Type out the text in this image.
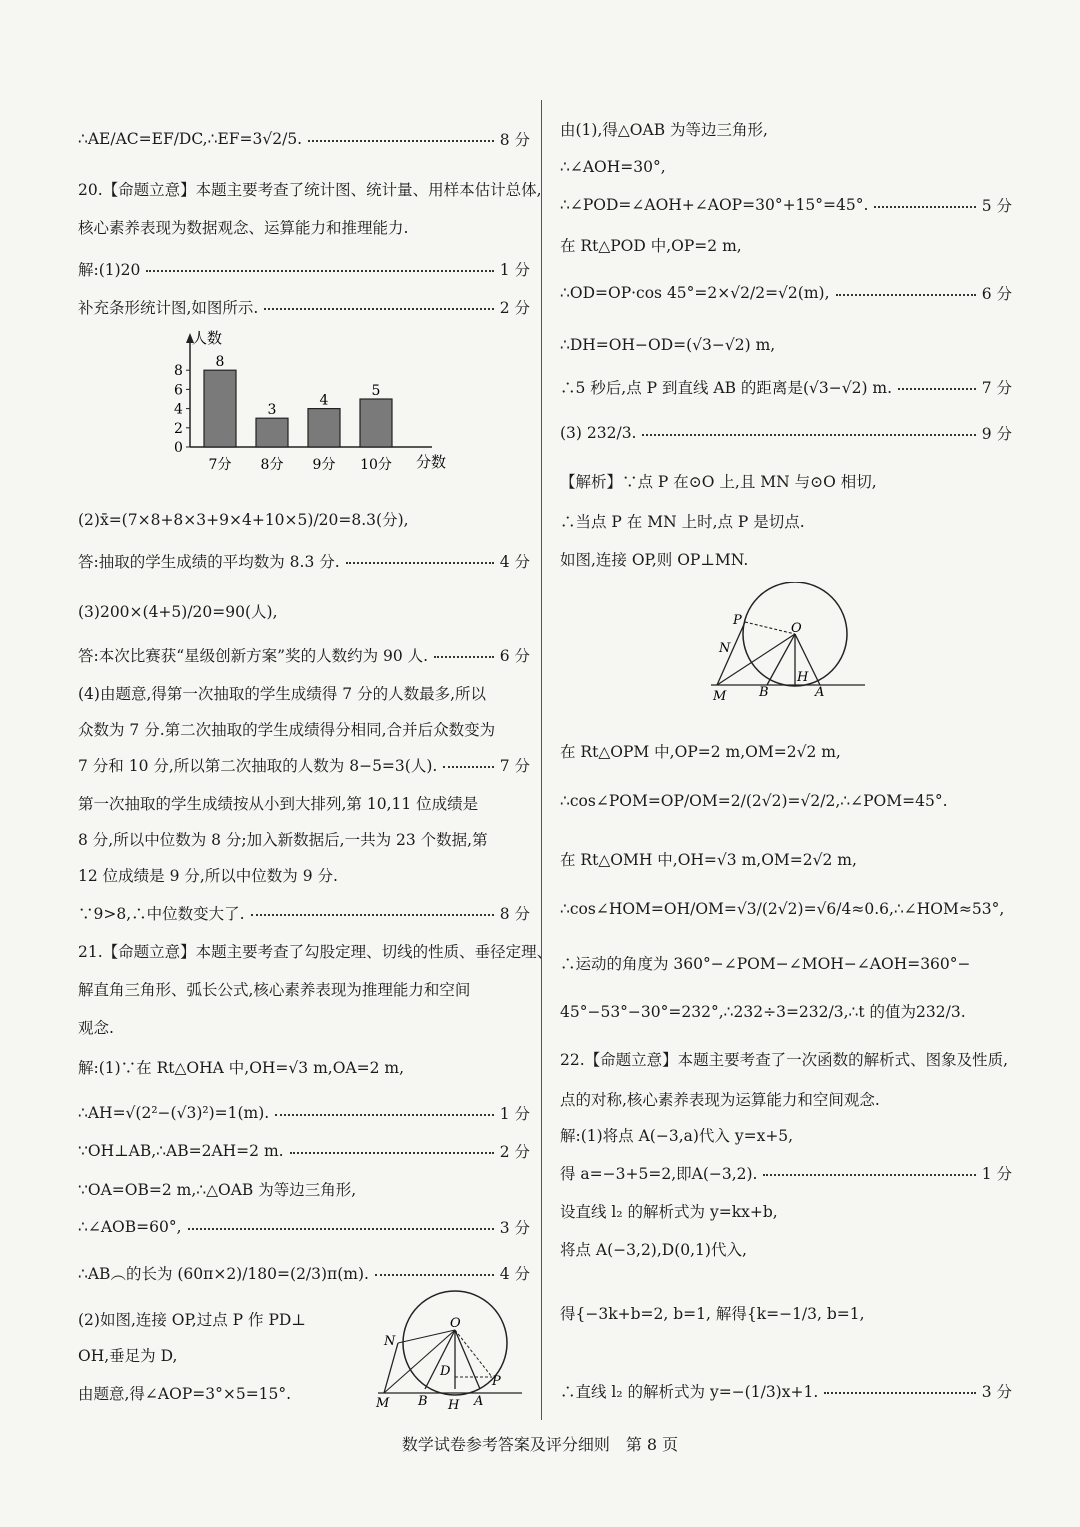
∴AE/AC=EF/DC,∴EF=3√2/5.	8 分
20.【命题立意】本题主要考查了统计图、统计量、用样本估计总体,
核心素养表现为数据观念、运算能力和推理能力.
解:(1)20	1 分
补充条形统计图,如图所示.	2 分
(2)x̄=(7×8+8×3+9×4+10×5)/20=8.3(分),
答:抽取的学生成绩的平均数为 8.3 分.	4 分
(3)200×(4+5)/20=90(人),
答:本次比赛获“星级创新方案”奖的人数约为 90 人.	6 分
(4)由题意,得第一次抽取的学生成绩得 7 分的人数最多,所以
众数为 7 分.第二次抽取的学生成绩得分相同,合并后众数变为
7 分和 10 分,所以第二次抽取的人数为 8−5=3(人).	7 分
第一次抽取的学生成绩按从小到大排列,第 10,11 位成绩是
8 分,所以中位数为 8 分;加入新数据后,一共为 23 个数据,第
12 位成绩是 9 分,所以中位数为 9 分.
∵9>8,∴中位数变大了.	8 分
21.【命题立意】本题主要考查了勾股定理、切线的性质、垂径定理、
解直角三角形、弧长公式,核心素养表现为推理能力和空间
观念.
解:(1)∵在 Rt△OHA 中,OH=√3 m,OA=2 m,
∴AH=√(2²−(√3)²)=1(m).	1 分
∵OH⊥AB,∴AB=2AH=2 m.	2 分
∵OA=OB=2 m,∴△OAB 为等边三角形,
∴∠AOB=60°,	3 分
∴AB︵的长为 (60π×2)/180=(2/3)π(m).	4 分
(2)如图,连接 OP,过点 P 作 PD⊥
OH,垂足为 D,
由题意,得∠AOP=3°×5=15°.
由(1),得△OAB 为等边三角形,
∴∠AOH=30°,
∴∠POD=∠AOH+∠AOP=30°+15°=45°.	5 分
在 Rt△POD 中,OP=2 m,
∴OD=OP·cos 45°=2×√2/2=√2(m),	6 分
∴DH=OH−OD=(√3−√2) m,
∴5 秒后,点 P 到直线 AB 的距离是(√3−√2) m.	7 分
(3) 232/3.	9 分
【解析】∵点 P 在⊙O 上,且 MN 与⊙O 相切,
∴当点 P 在 MN 上时,点 P 是切点.
如图,连接 OP,则 OP⊥MN.
在 Rt△OPM 中,OP=2 m,OM=2√2 m,
∴cos∠POM=OP/OM=2/(2√2)=√2/2,∴∠POM=45°.
在 Rt△OMH 中,OH=√3 m,OM=2√2 m,
∴cos∠HOM=OH/OM=√3/(2√2)=√6/4≈0.6,∴∠HOM≈53°,
∴运动的角度为 360°−∠POM−∠MOH−∠AOH=360°−
45°−53°−30°=232°,∴232÷3=232/3,∴t 的值为232/3.
22.【命题立意】本题主要考查了一次函数的解析式、图象及性质,
点的对称,核心素养表现为运算能力和空间观念.
解:(1)将点 A(−3,a)代入 y=x+5,
得 a=−3+5=2,即A(−3,2).	1 分
设直线 l₂ 的解析式为 y=kx+b,
将点 A(−3,2),D(0,1)代入,
得{−3k+b=2, b=1, 解得{k=−1/3, b=1,
∴直线 l₂ 的解析式为 y=−(1/3)x+1.	3 分
人数
分数
0
2
4
6
8
8
7分
3
8分
4
9分
5
10分
O
N
M B
D
H A
P
P
O
N
M	B
H
A
数学试卷参考答案及评分细则　第 8 页
